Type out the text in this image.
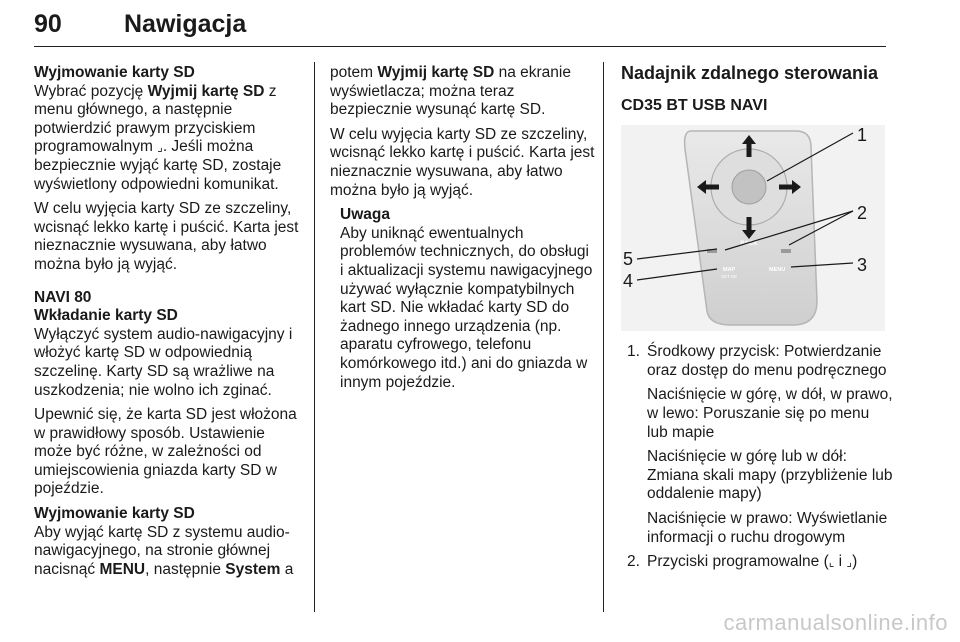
90 Nawigacja
Wyjmowanie karty SD

Wybrać pozycję Wyjmij kartę SD z menu głównego, a następnie potwierdzić prawym przyciskiem programowalnym ⌟. Jeśli można bezpiecznie wyjąć kartę SD, zostaje wyświetlony odpowiedni komunikat.

W celu wyjęcia karty SD ze szczeliny, wcisnąć lekko kartę i puścić. Karta jest nieznacznie wysuwana, aby łatwo można było ją wyjąć.

NAVI 80
Wkładanie karty SD

Wyłączyć system audio-nawigacyjny i włożyć kartę SD w odpowiednią szczelinę. Karty SD są wrażliwe na uszkodzenia; nie wolno ich zginać.

Upewnić się, że karta SD jest włożona w prawidłowy sposób. Ustawienie może być różne, w zależności od umiejscowienia gniazda karty SD w pojeździe.

Wyjmowanie karty SD

Aby wyjąć kartę SD z systemu audio-nawigacyjnego, na stronie głównej nacisnąć MENU, następnie System a

potem Wyjmij kartę SD na ekranie wyświetlacza; można teraz bezpiecznie wysunąć kartę SD.

W celu wyjęcia karty SD ze szczeliny, wcisnąć lekko kartę i puścić. Karta jest nieznacznie wysuwana, aby łatwo można było ją wyjąć.

Uwaga
Aby uniknąć ewentualnych problemów technicznych, do obsługi i aktualizacji systemu nawigacyjnego używać wyłącznie kompatybilnych kart SD. Nie wkładać karty SD do żadnego innego urządzenia (np. aparatu cyfrowego, telefonu komórkowego itd.) ani do gniazda w innym pojeździe.
Nadajnik zdalnego sterowania
CD35 BT USB NAVI
BACK
MAP
SET DE
MENU
1
2
3
4
5
1. Środkowy przycisk: Potwierdzanie oraz dostęp do menu podręcznego

Naciśnięcie w górę, w dół, w prawo, w lewo: Poruszanie się po menu lub mapie

Naciśnięcie w górę lub w dół: Zmiana skali mapy (przybliżenie lub oddalenie mapy)

Naciśnięcie w prawo: Wyświetlanie informacji o ruchu drogowym

2. Przyciski programowalne (⌞ i ⌟)
carmanualsonline.info
